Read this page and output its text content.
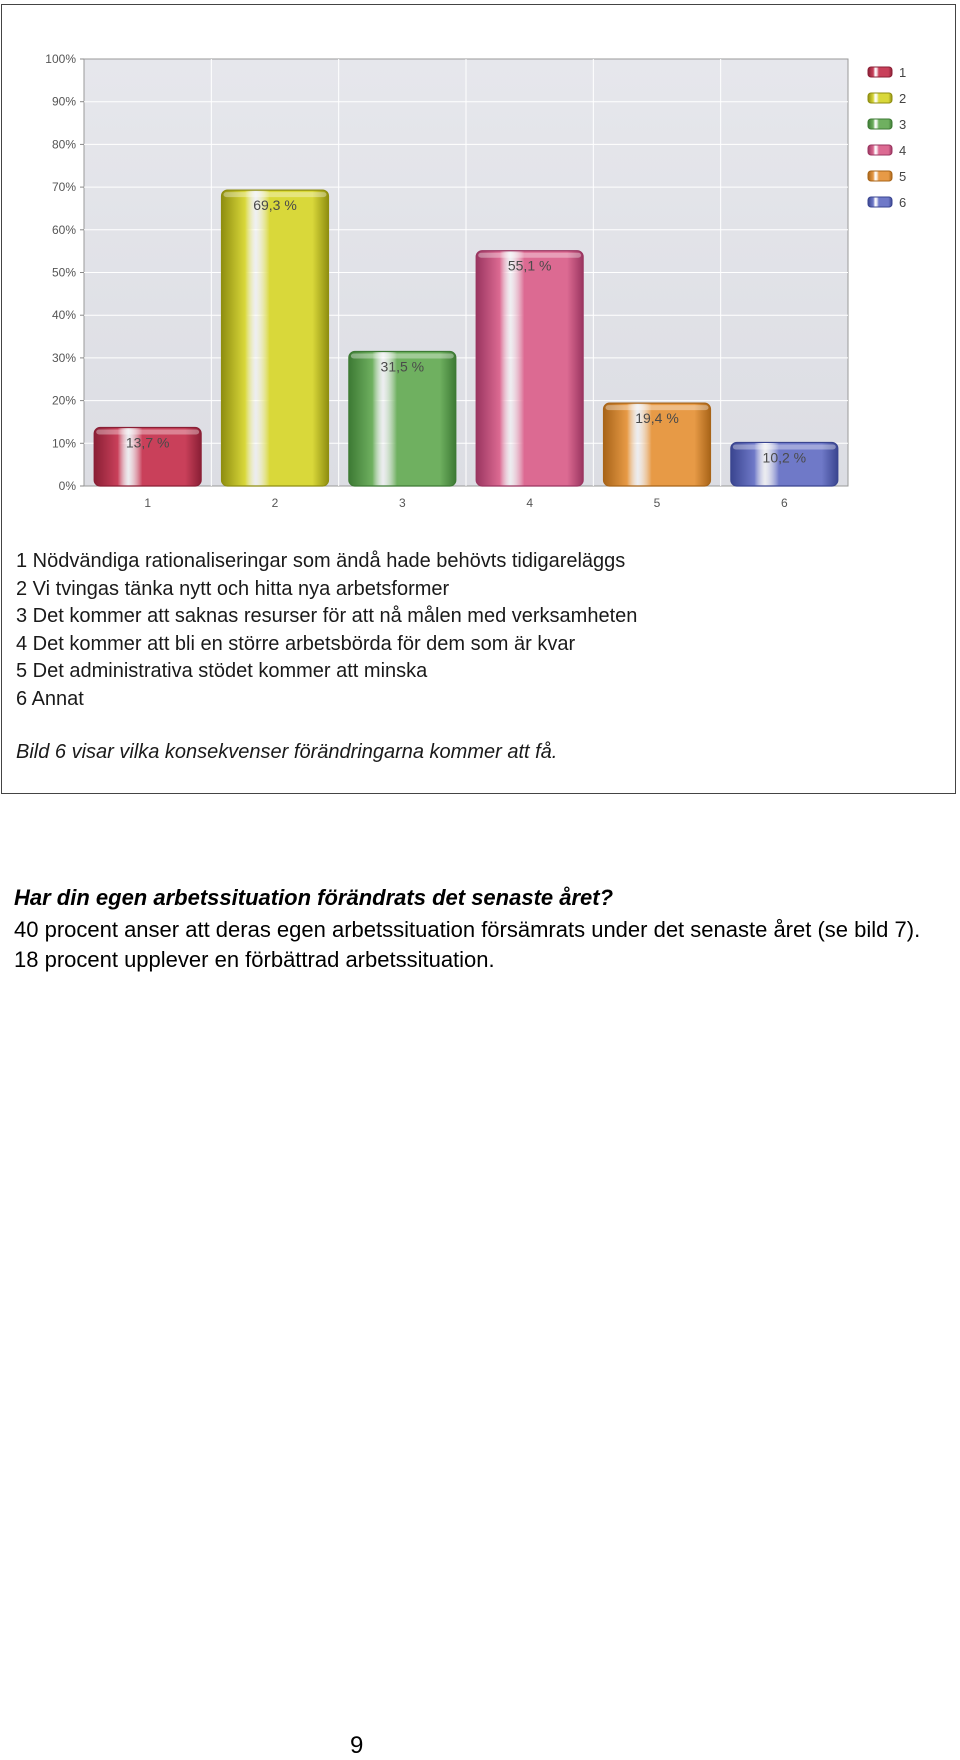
0%
10%
20%
30%
40%
50%
60%
70%
80%
90%
100%
13,7 %
1
69,3 %
2
31,5 %
3
55,1 %
4
19,4 %
5
10,2 %
6
1
2
3
4
5
6
1 Nödvändiga rationaliseringar som ändå hade behövts tidigareläggs
2 Vi tvingas tänka nytt och hitta nya arbetsformer
3 Det kommer att saknas resurser för att nå målen med verksamheten
4 Det kommer att bli en större arbetsbörda för dem som är kvar
5 Det administrativa stödet kommer att minska
6 Annat
Bild 6 visar vilka konsekvenser förändringarna kommer att få.
Har din egen arbetssituation förändrats det senaste året?
40 procent anser att deras egen arbetssituation försämrats under det senaste året (se bild 7). 18 procent upplever en förbättrad arbetssituation.
9
